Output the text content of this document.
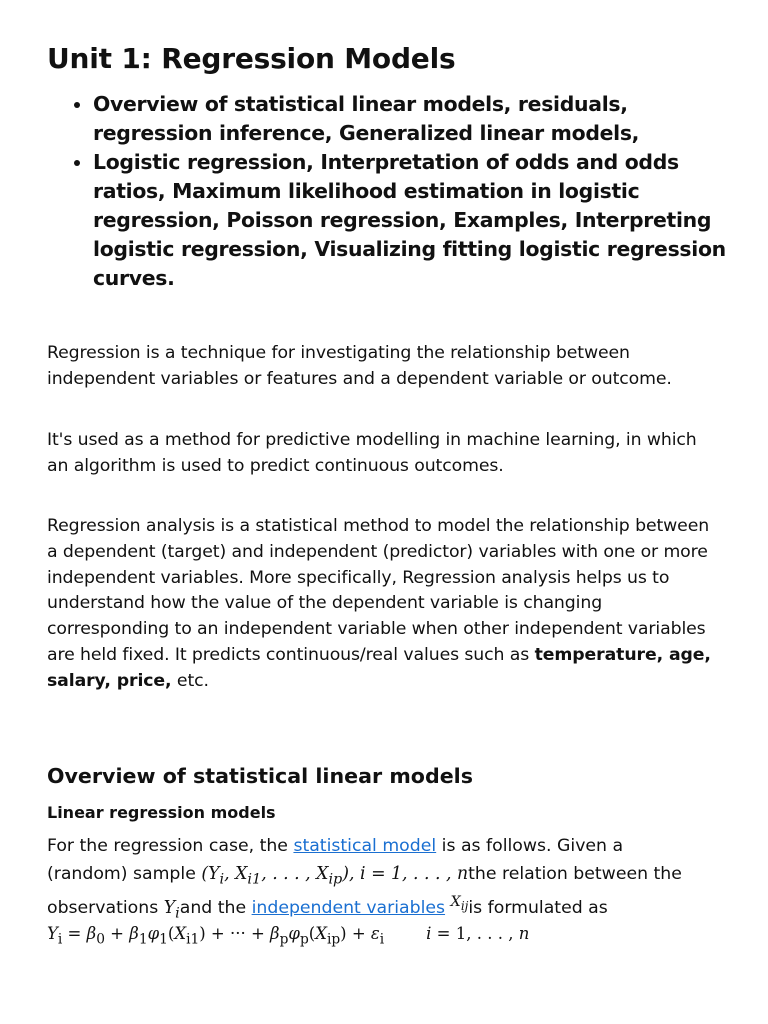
Unit 1: Regression Models
Overview of statistical linear models, residuals, regression inference, Generalized linear models,
Logistic regression, Interpretation of odds and odds ratios, Maximum likelihood estimation in logistic regression, Poisson regression, Examples, Interpreting logistic regression, Visualizing fitting logistic regression curves.

Regression is a technique for investigating the relationship between independent variables or features and a dependent variable or outcome.

It's used as a method for predictive modelling in machine learning, in which an algorithm is used to predict continuous outcomes.

Regression analysis is a statistical method to model the relationship between a dependent (target) and independent (predictor) variables with one or more independent variables. More specifically, Regression analysis helps us to understand how the value of the dependent variable is changing corresponding to an independent variable when other independent variables are held fixed. It predicts continuous/real values such as temperature, age, salary, price, etc.

Overview of statistical linear models
Linear regression models
For the regression case, the statistical model is as follows. Given a
(random) sample ($Y_i$, $X_{i1}$, . . . , $X_{ip}$), i = 1, . . . , nthe relation between the
observations $Y_iand$ the independent variables $^{X_{ij}}$is formulated as
$Y_i = \beta_0 + \beta_1\varphi_1(X_{i1})$ + ··· + $\beta_p\varphi_p(X_{ip}) + \varepsilon_i$	i = 1, . . . , n
